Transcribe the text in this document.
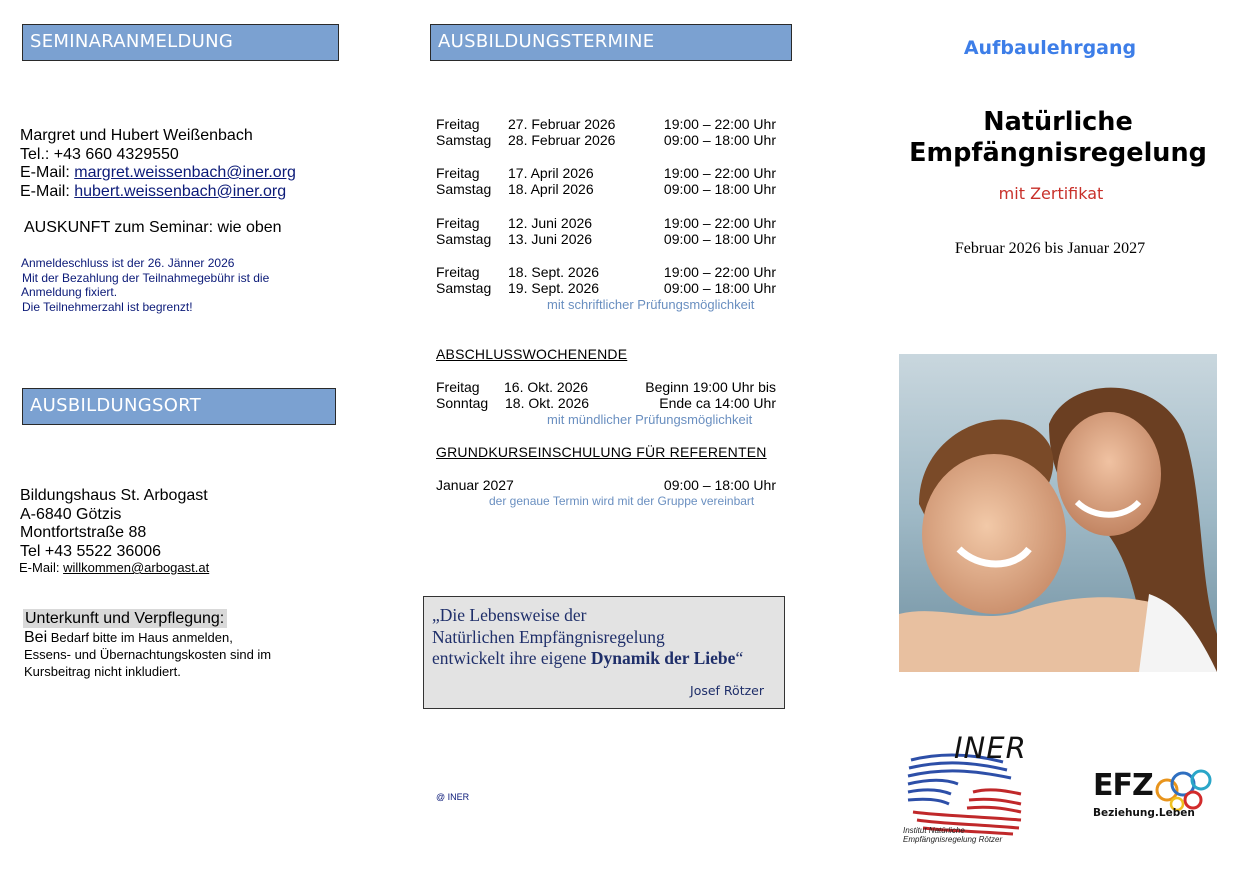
SEMINARANMELDUNG
Margret und Hubert Weißenbach
Tel.: +43 660 4329550
E-Mail: margret.weissenbach@iner.org
E-Mail: hubert.weissenbach@iner.org
AUSKUNFT zum Seminar: wie oben
Anmeldeschluss ist der 26. Jänner 2026
Mit der Bezahlung der Teilnahmegebühr ist die
Anmeldung fixiert.
Die Teilnehmerzahl ist begrenzt!
AUSBILDUNGSORT
Bildungshaus St. Arbogast
A-6840 Götzis
Montfortstraße 88
Tel +43 5522 36006
E-Mail: willkommen@arbogast.at
Unterkunft und Verpflegung:
Bei Bedarf bitte im Haus anmelden,
Essens- und Übernachtungskosten sind im
Kursbeitrag nicht inkludiert.
AUSBILDUNGSTERMINE
Freitag 27. Februar 2026	19:00 – 22:00 Uhr
Samstag 28. Februar 2026	09:00 – 18:00 Uhr
Freitag 17. April 2026	19:00 – 22:00 Uhr
Samstag 18. April 2026	09:00 – 18:00 Uhr
Freitag 12. Juni 2026	19:00 – 22:00 Uhr
Samstag 13. Juni 2026	09:00 – 18:00 Uhr
Freitag 18. Sept. 2026	19:00 – 22:00 Uhr
Samstag 19. Sept. 2026	09:00 – 18:00 Uhr
mit schriftlicher Prüfungsmöglichkeit
ABSCHLUSSWOCHENENDE
Freitag 16. Okt. 2026	Beginn 19:00 Uhr bis
Sonntag 18. Okt. 2026	Ende ca 14:00 Uhr
mit mündlicher Prüfungsmöglichkeit
GRUNDKURSEINSCHULUNG FÜR REFERENTEN
Januar 2027	09:00 – 18:00 Uhr
der genaue Termin wird mit der Gruppe vereinbart
„Die Lebensweise der
Natürlichen Empfängnisregelung
entwickelt ihre eigene Dynamik der Liebe“
Josef Rötzer
@ INER
Aufbaulehrgang
Natürliche
Empfängnisregelung
mit Zertifikat
Februar 2026 bis Januar 2027
INER
Institut Natürliche
Empfängnisregelung Rötzer
EFZ
Beziehung.Leben
